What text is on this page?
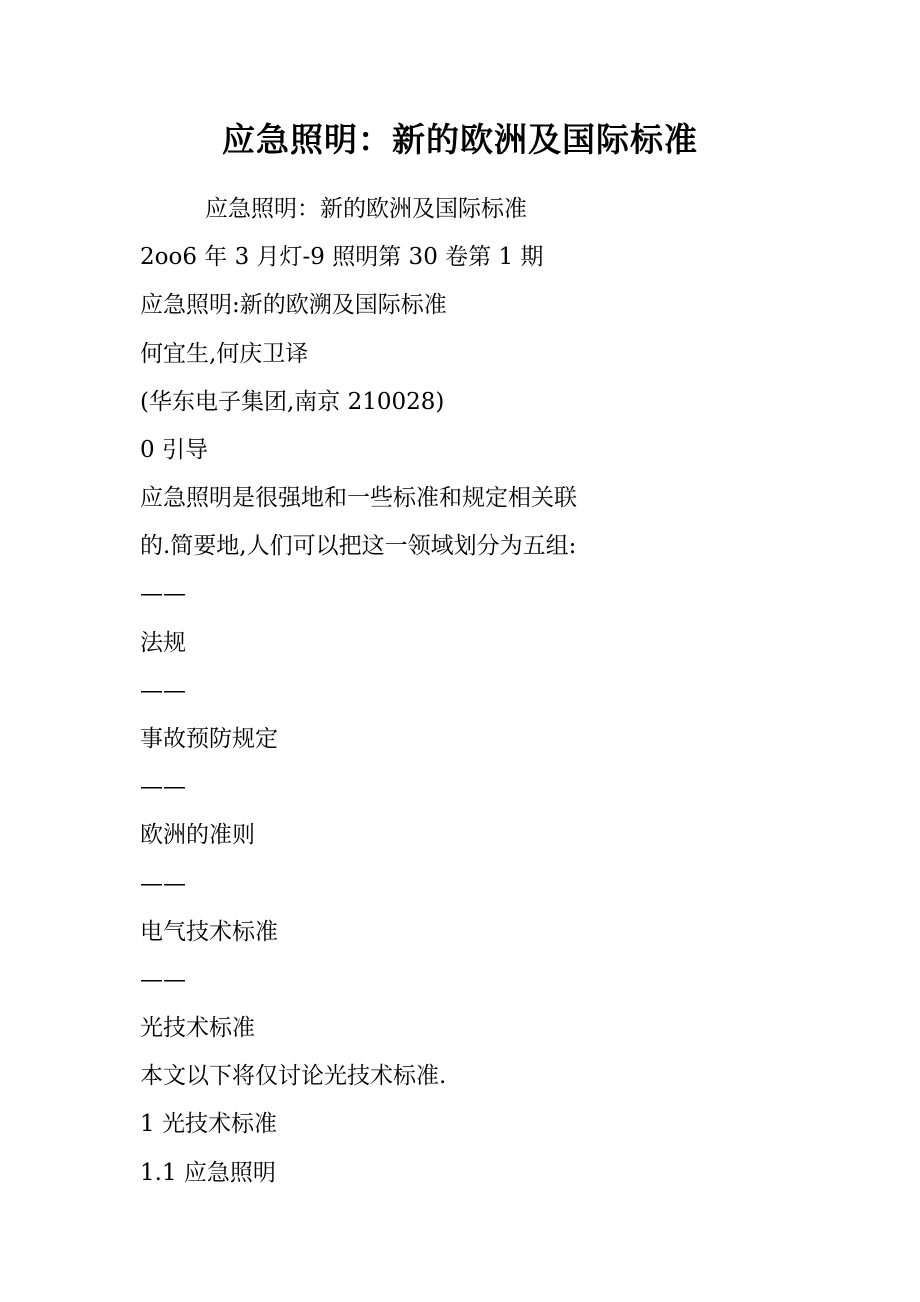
应急照明：新的欧洲及国际标准

应急照明：新的欧洲及国际标准

2oo6 年 3 月灯-9 照明第 30 卷第 1 期

应急照明:新的欧溯及国际标准

何宜生,何庆卫译

(华东电子集团,南京 210028)

0 引导

应急照明是很强地和一些标准和规定相关联

的.简要地,人们可以把这一领域划分为五组:

——

法规

——

事故预防规定

——

欧洲的准则

——

电气技术标准

——

光技术标准

本文以下将仅讨论光技术标准.

1 光技术标准

1.1 应急照明
